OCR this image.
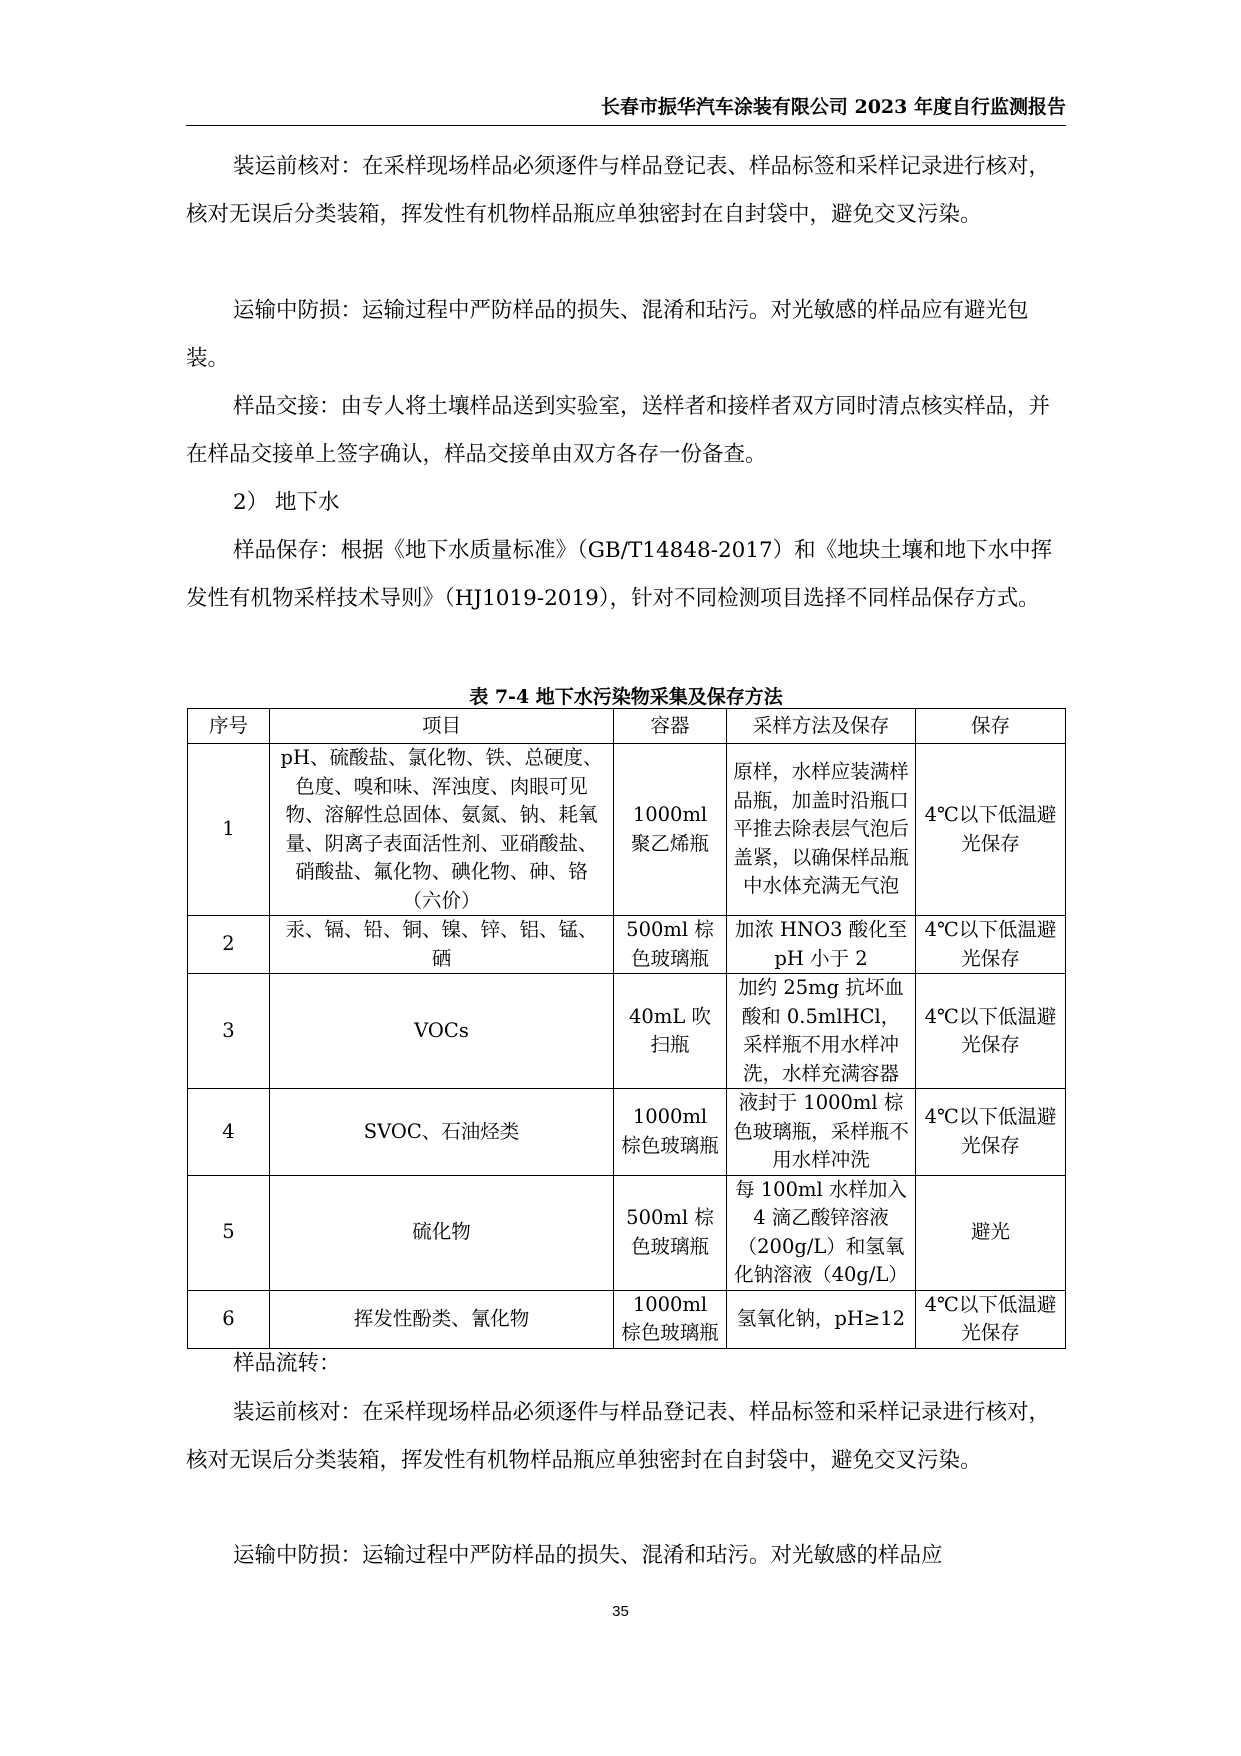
长春市振华汽车涂装有限公司 2023 年度自行监测报告

装运前核对：在采样现场样品必须逐件与样品登记表、样品标签和采样记录进行核对， 核对无误后分类装箱，挥发性有机物样品瓶应单独密封在自封袋中，避免交叉污染。

运输中防损：运输过程中严防样品的损失、混淆和玷污。对光敏感的样品应有避光包装。

样品交接：由专人将土壤样品送到实验室，送样者和接样者双方同时清点核实样品，并在样品交接单上签字确认，样品交接单由双方各存一份备查。

2） 地下水

样品保存：根据《地下水质量标准》（GB/T14848-2017）和《地块土壤和地下水中挥发性有机物采样技术导则》（HJ1019-2019），针对不同检测项目选择不同样品保存方式。

表 7-4 地下水污染物采集及保存方法
序号	项目	容器	采样方法及保存	保存
1	pH、硫酸盐、氯化物、铁、总硬度、色度、嗅和味、浑浊度、肉眼可见物、溶解性总固体、氨氮、钠、耗氧量、阴离子表面活性剂、亚硝酸盐、硝酸盐、氟化物、碘化物、砷、铬（六价）	1000ml 聚乙烯瓶	原样，水样应装满样品瓶，加盖时沿瓶口平推去除表层气泡后盖紧，以确保样品瓶中水体充满无气泡	4℃以下低温避光保存
2	汞、镉、铅、铜、镍、锌、铝、锰、硒	500ml 棕色玻璃瓶	加浓 HNO3 酸化至 pH 小于 2	4℃以下低温避光保存
3	VOCs	40mL 吹扫瓶	加约 25mg 抗坏血酸和 0.5mlHCl，采样瓶不用水样冲洗，水样充满容器	4℃以下低温避光保存
4	SVOC、石油烃类	1000ml 棕色玻璃瓶	液封于 1000ml 棕色玻璃瓶，采样瓶不用水样冲洗	4℃以下低温避光保存
5	硫化物	500ml 棕色玻璃瓶	每 100ml 水样加入 4 滴乙酸锌溶液（200g/L）和氢氧化钠溶液（40g/L）	避光
6	挥发性酚类、氰化物	1000ml 棕色玻璃瓶	氢氧化钠，pH≥12	4℃以下低温避光保存

样品流转：

装运前核对：在采样现场样品必须逐件与样品登记表、样品标签和采样记录进行核对， 核对无误后分类装箱，挥发性有机物样品瓶应单独密封在自封袋中，避免交叉污染。

运输中防损：运输过程中严防样品的损失、混淆和玷污。对光敏感的样品应

35
